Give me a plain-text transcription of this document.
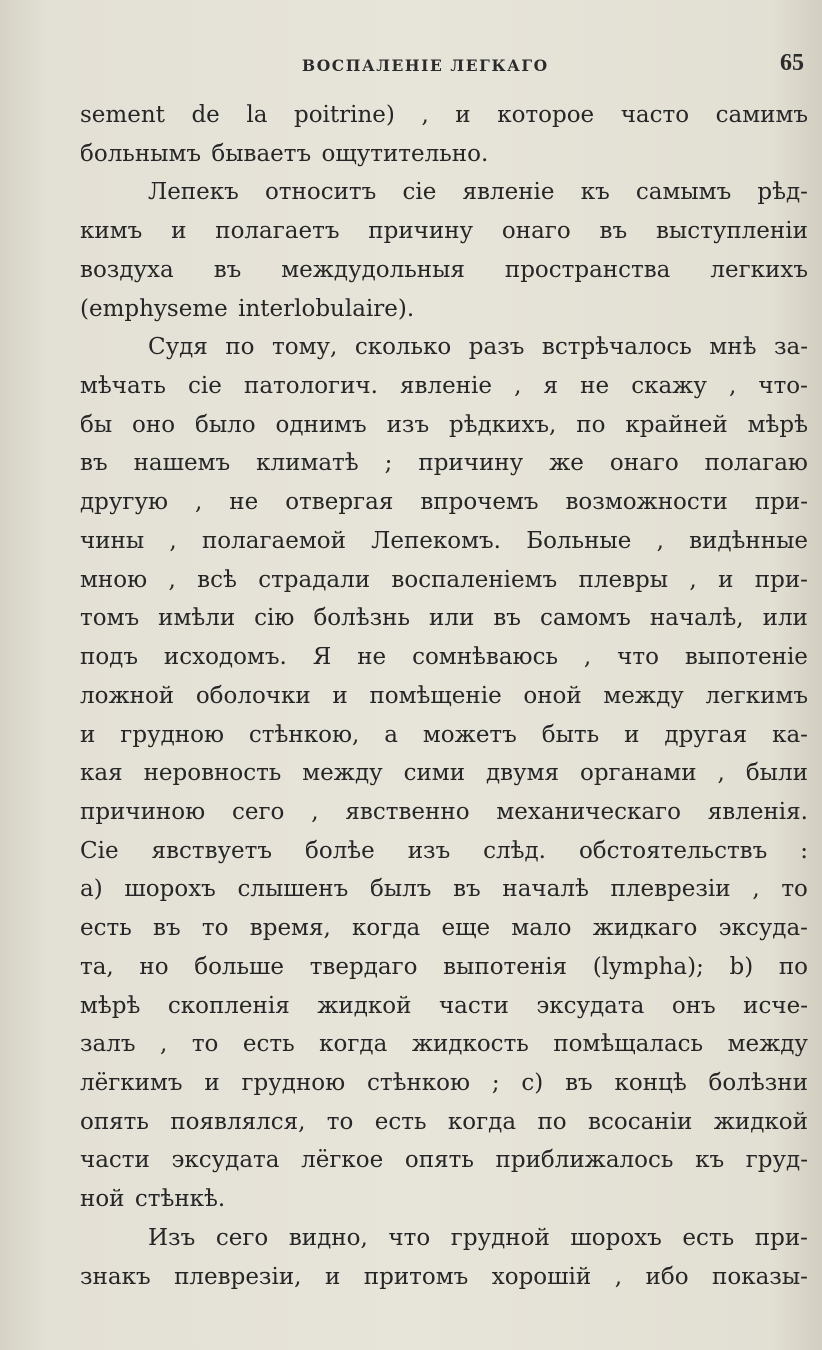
ВОСПАЛЕНІЕ ЛЕГКАГО	65
sement de la poitrine) , и которое часто самимъ
больнымъ бываетъ ощутительно.
Лепекъ относитъ сіе явленіе къ самымъ рѣд-
кимъ и полагаетъ причину онаго въ выступленіи
воздуха въ междудольныя пространства легкихъ
(emphyseme interlobulaire).
Судя по тому, сколько разъ встрѣчалось мнѣ за-
мѣчать сіе патологич. явленіе , я не скажу , что-
бы оно было однимъ изъ рѣдкихъ, по крайней мѣрѣ
въ нашемъ климатѣ ; причину же онаго полагаю
другую , не отвергая впрочемъ возможности при-
чины , полагаемой Лепекомъ. Больные , видѣнные
мною , всѣ страдали воспаленіемъ плевры , и при-
томъ имѣли сію болѣзнь или въ самомъ началѣ, или
подъ исходомъ. Я не сомнѣваюсь , что выпотеніе
ложной оболочки и помѣщеніе оной между легкимъ
и грудною стѣнкою, а можетъ быть и другая ка-
кая неровность между сими двумя органами , были
причиною сего , явственно механическаго явленія.
Сіе явствуетъ болѣе изъ слѣд. обстоятельствъ :
a) шорохъ слышенъ былъ въ началѣ плеврезіи , то
есть въ то время, когда еще мало жидкаго эксуда-
та, но больше твердаго выпотенія (lympha); b) по
мѣрѣ скопленія жидкой части эксудата онъ исче-
залъ , то есть когда жидкость помѣщалась между
лёгкимъ и грудною стѣнкою ; c) въ концѣ болѣзни
опять появлялся, то есть когда по всосаніи жидкой
части эксудата лёгкое опять приближалось къ груд-
ной стѣнкѣ.
Изъ сего видно, что грудной шорохъ есть при-
знакъ плеврезіи, и притомъ хорошій , ибо показы-
